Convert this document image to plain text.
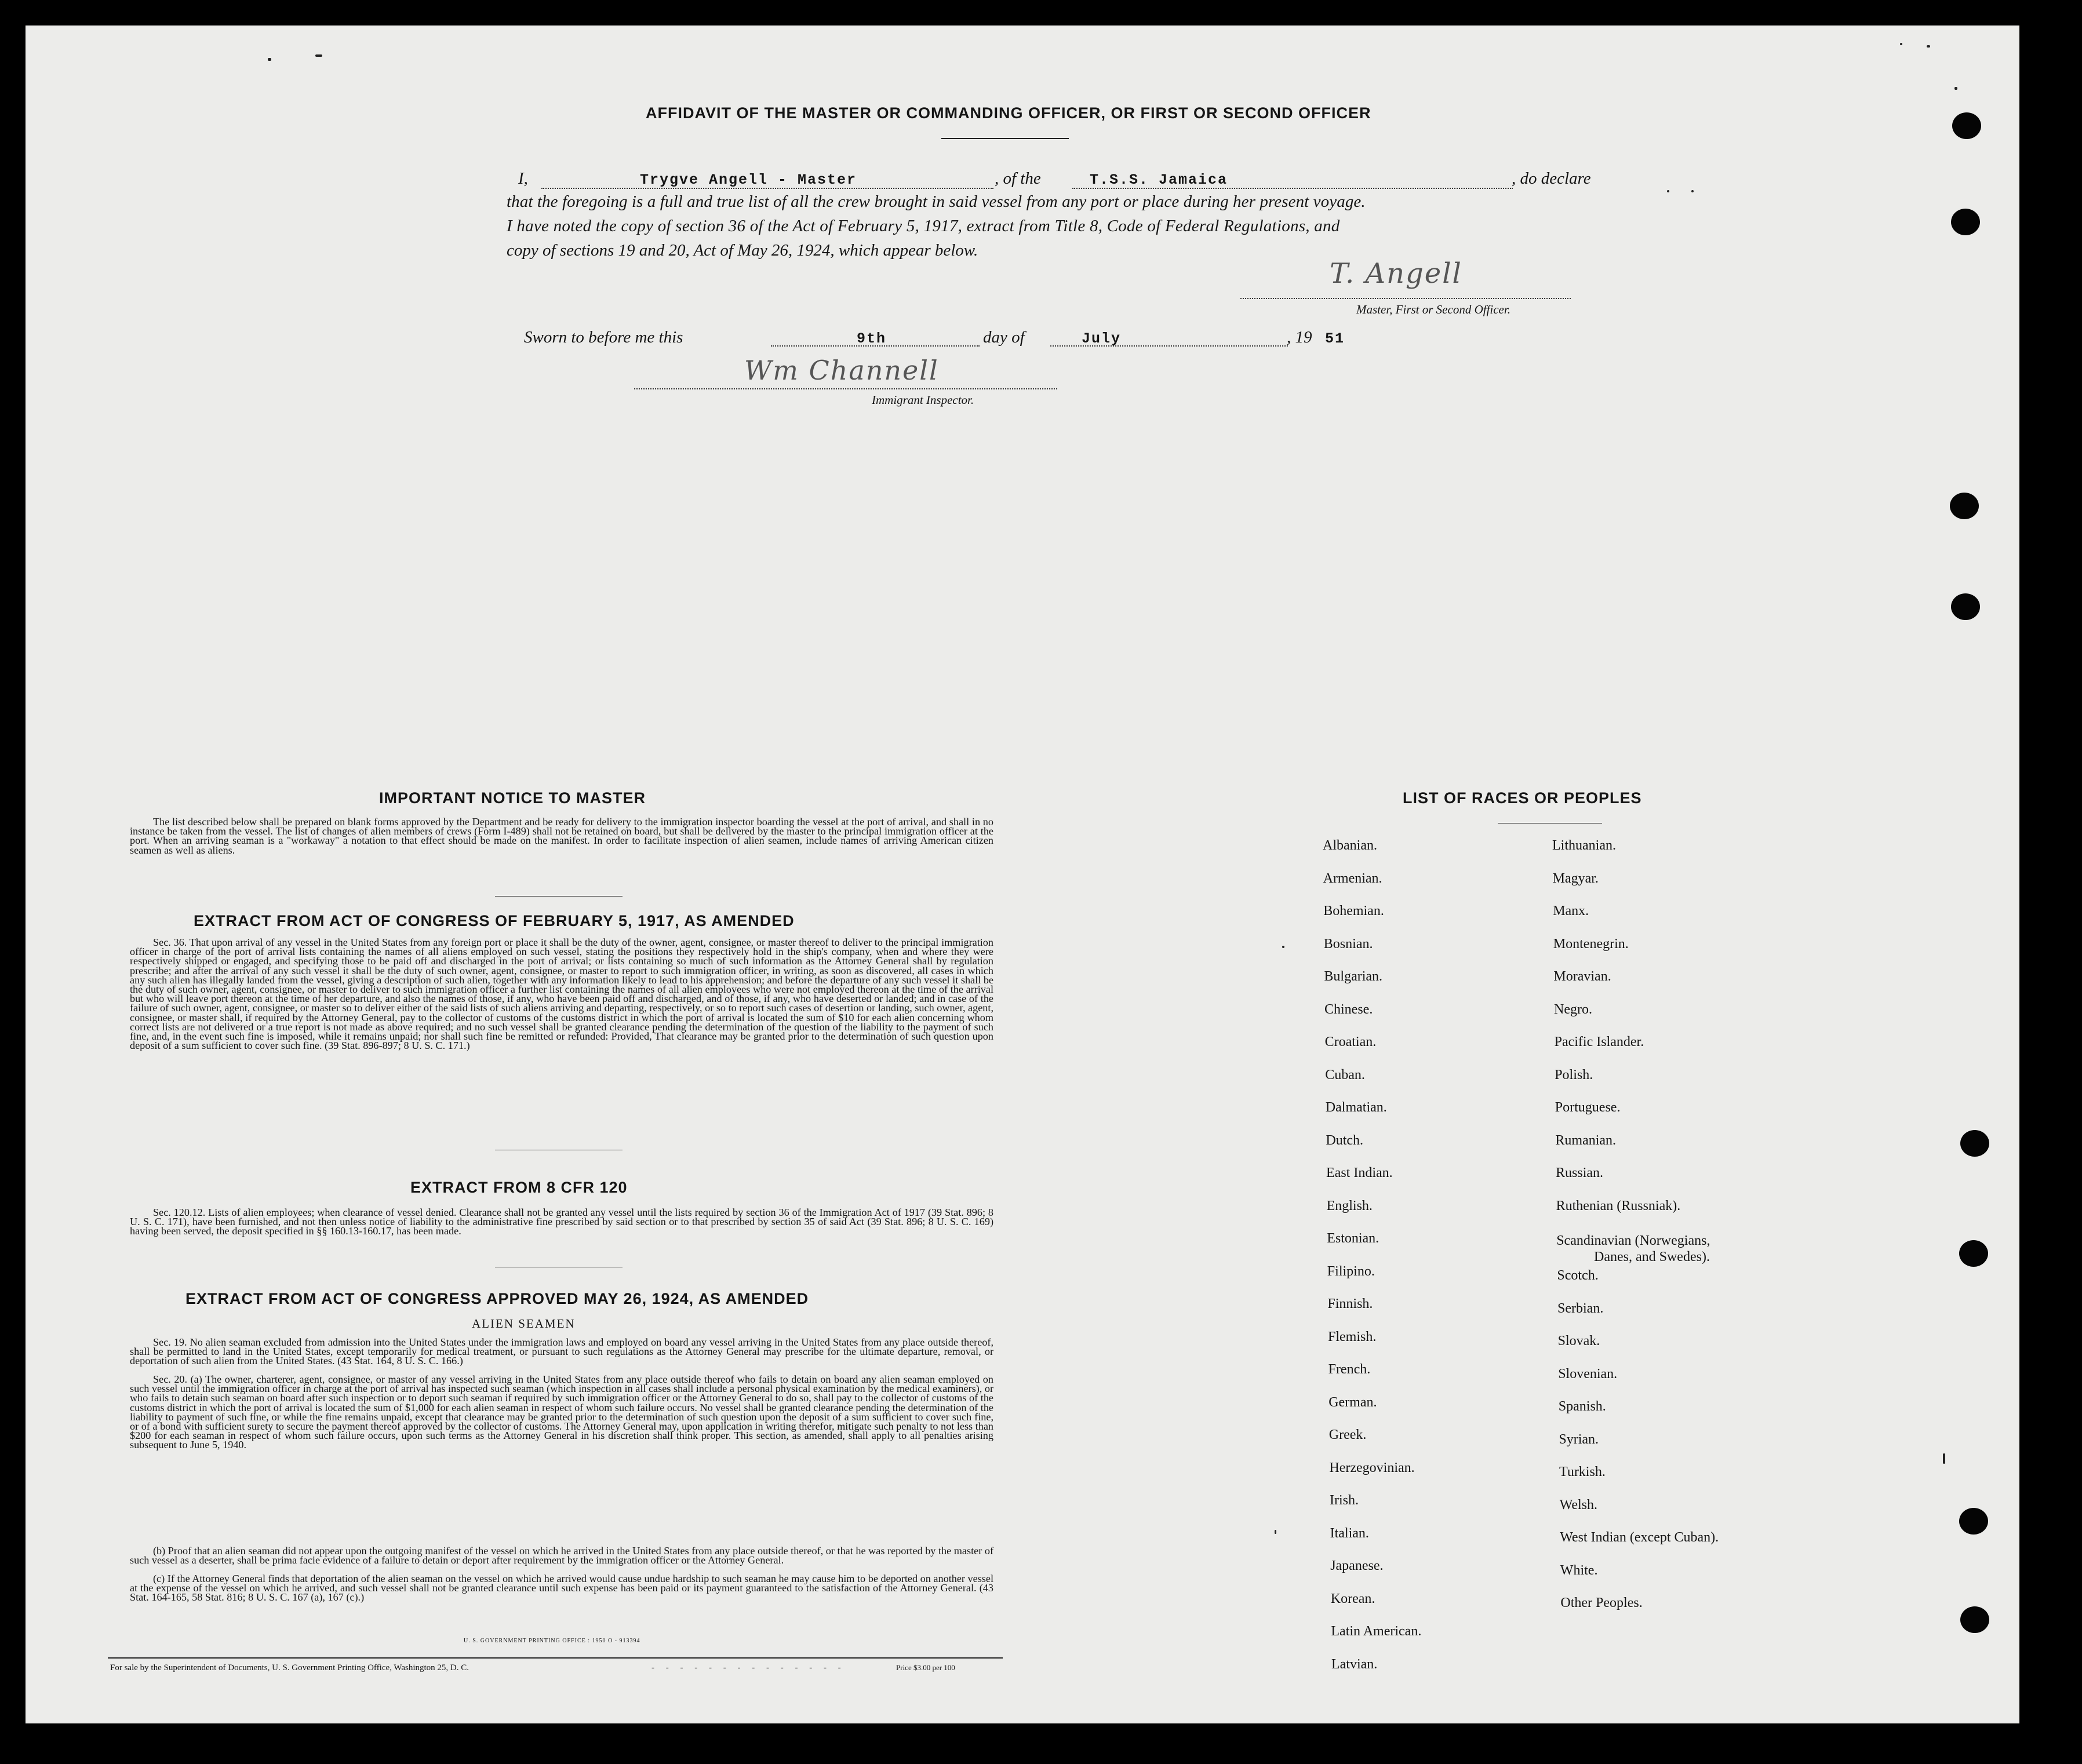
AFFIDAVIT OF THE MASTER OR COMMANDING OFFICER, OR FIRST OR SECOND OFFICER
I,	Trygve Angell - Master	, of the	T.S.S. Jamaica	, do declare
that the foregoing is a full and true list of all the crew brought in said vessel from any port or place during her present voyage.
I have noted the copy of section 36 of the Act of February 5, 1917, extract from Title 8, Code of Federal Regulations, and
copy of sections 19 and 20, Act of May 26, 1924, which appear below.
T. Angell
Master, First or Second Officer.
Sworn to before me this	9th	day of	July	, 19 51
Wm Channell
Immigrant Inspector.
IMPORTANT NOTICE TO MASTER

The list described below shall be prepared on blank forms approved by the Department and be ready for delivery to the immigration inspector boarding the vessel at the port of arrival, and shall in no instance be taken from the vessel. The list of changes of alien members of crews (Form I-489) shall not be retained on board, but shall be delivered by the master to the principal immigration officer at the port. When an arriving seaman is a "workaway" a notation to that effect should be made on the manifest. In order to facilitate inspection of alien seamen, include names of arriving American citizen seamen as well as aliens.

EXTRACT FROM ACT OF CONGRESS OF FEBRUARY 5, 1917, AS AMENDED

Sec. 36. That upon arrival of any vessel in the United States from any foreign port or place it shall be the duty of the owner, agent, consignee, or master thereof to deliver to the principal immigration officer in charge of the port of arrival lists containing the names of all aliens employed on such vessel, stating the positions they respectively hold in the ship's company, when and where they were respectively shipped or engaged, and specifying those to be paid off and discharged in the port of arrival; or lists containing so much of such information as the Attorney General shall by regulation prescribe; and after the arrival of any such vessel it shall be the duty of such owner, agent, consignee, or master to report to such immigration officer, in writing, as soon as discovered, all cases in which any such alien has illegally landed from the vessel, giving a description of such alien, together with any information likely to lead to his apprehension; and before the departure of any such vessel it shall be the duty of such owner, agent, consignee, or master to deliver to such immigration officer a further list containing the names of all alien employees who were not employed thereon at the time of the arrival but who will leave port thereon at the time of her departure, and also the names of those, if any, who have been paid off and discharged, and of those, if any, who have deserted or landed; and in case of the failure of such owner, agent, consignee, or master so to deliver either of the said lists of such aliens arriving and departing, respectively, or so to report such cases of desertion or landing, such owner, agent, consignee, or master shall, if required by the Attorney General, pay to the collector of customs of the customs district in which the port of arrival is located the sum of $10 for each alien concerning whom correct lists are not delivered or a true report is not made as above required; and no such vessel shall be granted clearance pending the determination of the question of the liability to the payment of such fine, and, in the event such fine is imposed, while it remains unpaid; nor shall such fine be remitted or refunded: Provided, That clearance may be granted prior to the determination of such question upon deposit of a sum sufficient to cover such fine. (39 Stat. 896-897; 8 U. S. C. 171.)

EXTRACT FROM 8 CFR 120

Sec. 120.12. Lists of alien employees; when clearance of vessel denied. Clearance shall not be granted any vessel until the lists required by section 36 of the Immigration Act of 1917 (39 Stat. 896; 8 U. S. C. 171), have been furnished, and not then unless notice of liability to the administrative fine prescribed by said section or to that prescribed by section 35 of said Act (39 Stat. 896; 8 U. S. C. 169) having been served, the deposit specified in §§ 160.13-160.17, has been made.

EXTRACT FROM ACT OF CONGRESS APPROVED MAY 26, 1924, AS AMENDED
ALIEN SEAMEN

Sec. 19. No alien seaman excluded from admission into the United States under the immigration laws and employed on board any vessel arriving in the United States from any place outside thereof, shall be permitted to land in the United States, except temporarily for medical treatment, or pursuant to such regulations as the Attorney General may prescribe for the ultimate departure, removal, or deportation of such alien from the United States. (43 Stat. 164, 8 U. S. C. 166.)

Sec. 20. (a) The owner, charterer, agent, consignee, or master of any vessel arriving in the United States from any place outside thereof who fails to detain on board any alien seaman employed on such vessel until the immigration officer in charge at the port of arrival has inspected such seaman (which inspection in all cases shall include a personal physical examination by the medical examiners), or who fails to detain such seaman on board after such inspection or to deport such seaman if required by such immigration officer or the Attorney General to do so, shall pay to the collector of customs of the customs district in which the port of arrival is located the sum of $1,000 for each alien seaman in respect of whom such failure occurs. No vessel shall be granted clearance pending the determination of the liability to payment of such fine, or while the fine remains unpaid, except that clearance may be granted prior to the determination of such question upon the deposit of a sum sufficient to cover such fine, or of a bond with sufficient surety to secure the payment thereof approved by the collector of customs. The Attorney General may, upon application in writing therefor, mitigate such penalty to not less than $200 for each seaman in respect of whom such failure occurs, upon such terms as the Attorney General in his discretion shall think proper. This section, as amended, shall apply to all penalties arising subsequent to June 5, 1940.

(b) Proof that an alien seaman did not appear upon the outgoing manifest of the vessel on which he arrived in the United States from any place outside thereof, or that he was reported by the master of such vessel as a deserter, shall be prima facie evidence of a failure to detain or deport after requirement by the immigration officer or the Attorney General.

(c) If the Attorney General finds that deportation of the alien seaman on the vessel on which he arrived would cause undue hardship to such seaman he may cause him to be deported on another vessel at the expense of the vessel on which he arrived, and such vessel shall not be granted clearance until such expense has been paid or its payment guaranteed to the satisfaction of the Attorney General. (43 Stat. 164-165, 58 Stat. 816; 8 U. S. C. 167 (a), 167 (c).)

U. S. GOVERNMENT PRINTING OFFICE : 1950 O - 913394
For sale by the Superintendent of Documents, U. S. Government Printing Office, Washington 25, D. C.	- - - - - - - - - - - - - -	Price $3.00 per 100
LIST OF RACES OR PEOPLES
Albanian.
Armenian.
Bohemian.
Bosnian.
Bulgarian.
Chinese.
Croatian.
Cuban.
Dalmatian.
Dutch.
East Indian.
English.
Estonian.
Filipino.
Finnish.
Flemish.
French.
German.
Greek.
Herzegovinian.
Irish.
Italian.
Japanese.
Korean.
Latin American.
Latvian.
Lithuanian.
Magyar.
Manx.
Montenegrin.
Moravian.
Negro.
Pacific Islander.
Polish.
Portuguese.
Rumanian.
Russian.
Ruthenian (Russniak).
Scandinavian (Norwegians,
Danes, and Swedes).
Scotch.
Serbian.
Slovak.
Slovenian.
Spanish.
Syrian.
Turkish.
Welsh.
West Indian (except Cuban).
White.
Other Peoples.
